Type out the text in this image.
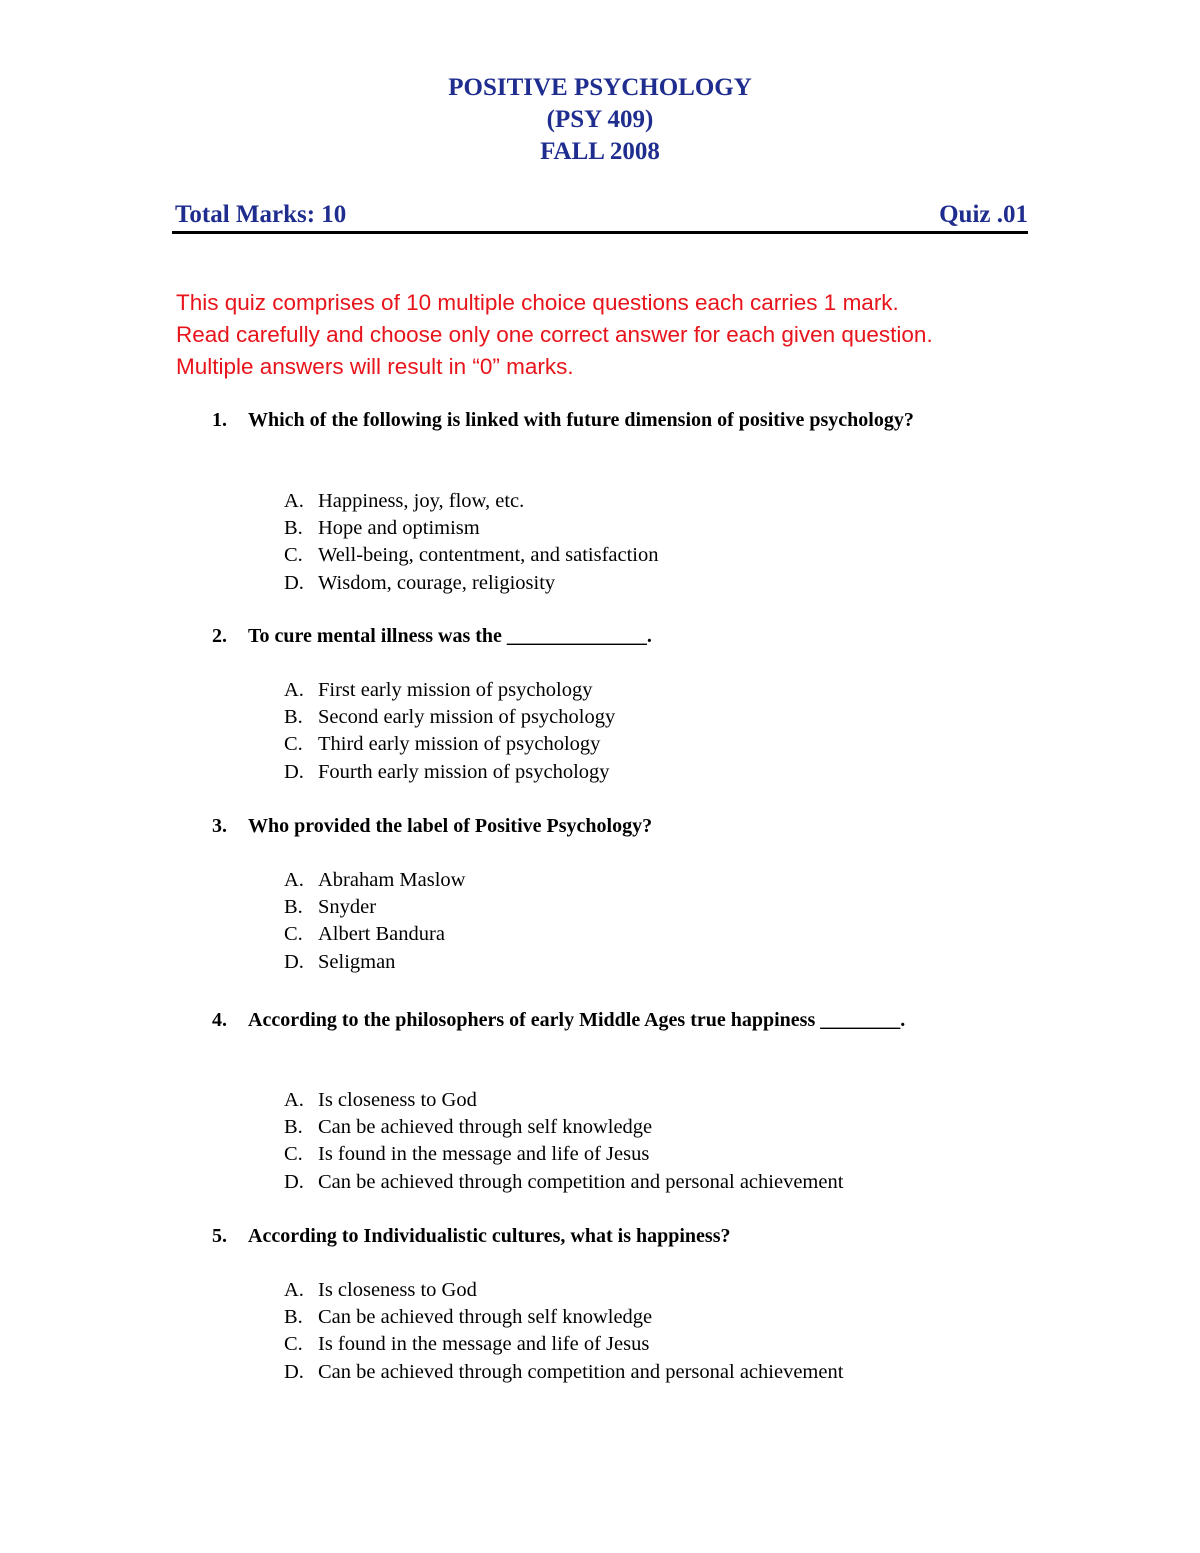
POSITIVE PSYCHOLOGY
(PSY 409)
FALL 2008
Total Marks: 10	Quiz .01
This quiz comprises of 10 multiple choice questions each carries 1 mark.
Read carefully and choose only one correct answer for each given question.
Multiple answers will result in “0” marks.
1. Which of the following is linked with future dimension of positive psychology?
A. Happiness, joy, flow, etc.
B. Hope and optimism
C. Well-being, contentment, and satisfaction
D. Wisdom, courage, religiosity
2. To cure mental illness was the ______________.
A. First early mission of psychology
B. Second early mission of psychology
C. Third early mission of psychology
D. Fourth early mission of psychology
3. Who provided the label of Positive Psychology?
A. Abraham Maslow
B. Snyder
C. Albert Bandura
D. Seligman
4. According to the philosophers of early Middle Ages true happiness ________.
A. Is closeness to God
B. Can be achieved through self knowledge
C. Is found in the message and life of Jesus
D. Can be achieved through competition and personal achievement
5. According to Individualistic cultures, what is happiness?
A. Is closeness to God
B. Can be achieved through self knowledge
C. Is found in the message and life of Jesus
D. Can be achieved through competition and personal achievement
